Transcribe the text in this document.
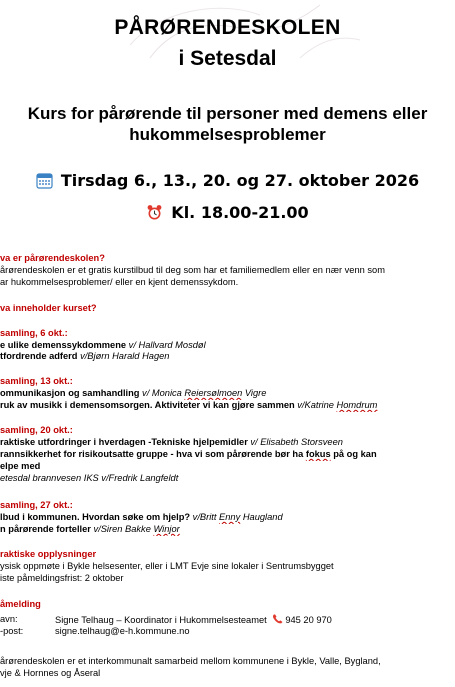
PÅRØRENDESKOLEN
i Setesdal
Kurs for pårørende til personer med demens eller hukommelsesproblemer
Tirsdag 6., 13., 20. og 27. oktober 2026
Kl. 18.00-21.00
va er pårørendeskolen?
årørendeskolen er et gratis kurstilbud til deg som har et familiemedlem eller en nær venn som
ar hukommelsesproblemer/ eller en kjent demenssykdom.
va inneholder kurset?
samling, 6 okt.:
e ulike demenssykdommene v/ Hallvard Mosdøl
tfordrende adferd v/Bjørn Harald Hagen
samling, 13 okt.:
ommunikasjon og samhandling v/ Monica Reiersølmoen Vigre
ruk av musikk i demensomsorgen. Aktiviteter vi kan gjøre sammen v/Katrine Homdrum
samling, 20 okt.:
raktiske utfordringer i hverdagen -Tekniske hjelpemidler v/ Elisabeth Storsveen
rannsikkerhet for risikoutsatte gruppe - hva vi som pårørende bør ha fokus på og kan
elpe med
etesdal brannvesen IKS v/Fredrik Langfeldt
samling, 27 okt.:
lbud i kommunen. Hvordan søke om hjelp? v/Britt Enny Haugland
n pårørende forteller v/Siren Bakke Winjor
raktiske opplysninger
ysisk oppmøte i Bykle helsesenter, eller i LMT Evje sine lokaler i Sentrumsbygget
iste påmeldingsfrist: 2 oktober
åmelding
avn:	Signe Telhaug – Koordinator i Hukommelsesteamet 945 20 970
-post:	signe.telhaug@e-h.kommune.no
årørendeskolen er et interkommunalt samarbeid mellom kommunene i Bykle, Valle, Bygland,
vje & Hornnes og Åseral
